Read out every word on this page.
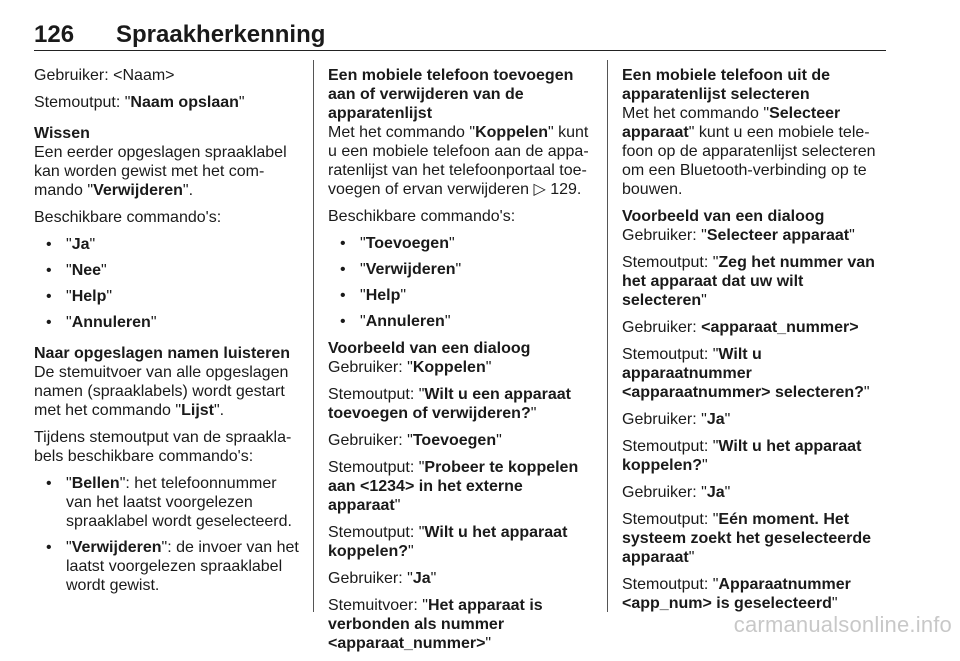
126 Spraakherkenning

Gebruiker: <Naam>

Stemoutput: "Naam opslaan"

Wissen

Een eerder opgeslagen spraaklabel kan worden gewist met het com-mando "Verwijderen".

Beschikbare commando's:

• "Ja"
• "Nee"
• "Help"
• "Annuleren"

Naar opgeslagen namen luisteren

De stemuitvoer van alle opgeslagen namen (spraaklabels) wordt gestart met het commando "Lijst".

Tijdens stemoutput van de spraakla-bels beschikbare commando's:

• "Bellen": het telefoonnummer van het laatst voorgelezen spraaklabel wordt geselecteerd.
• "Verwijderen": de invoer van het laatst voorgelezen spraaklabel wordt gewist.

Een mobiele telefoon toevoegen aan of verwijderen van de apparatenlijst

Met het commando "Koppelen" kunt u een mobiele telefoon aan de appa-ratenlijst van het telefoonportaal toe-voegen of ervan verwijderen ▷ 129.

Beschikbare commando's:

• "Toevoegen"
• "Verwijderen"
• "Help"
• "Annuleren"

Voorbeeld van een dialoog

Gebruiker: "Koppelen"

Stemoutput: "Wilt u een apparaat toevoegen of verwijderen?"

Gebruiker: "Toevoegen"

Stemoutput: "Probeer te koppelen aan <1234> in het externe apparaat"

Stemoutput: "Wilt u het apparaat koppelen?"

Gebruiker: "Ja"

Stemuitvoer: "Het apparaat is verbonden als nummer <apparaat_nummer>"

Een mobiele telefoon uit de apparatenlijst selecteren

Met het commando "Selecteer apparaat" kunt u een mobiele tele-foon op de apparatenlijst selecteren om een Bluetooth-verbinding op te bouwen.

Voorbeeld van een dialoog

Gebruiker: "Selecteer apparaat"

Stemoutput: "Zeg het nummer van het apparaat dat uw wilt selecteren"

Gebruiker: <apparaat_nummer>

Stemoutput: "Wilt u apparaatnummer <apparaatnummer> selecteren?"

Gebruiker: "Ja"

Stemoutput: "Wilt u het apparaat koppelen?"

Gebruiker: "Ja"

Stemoutput: "Eén moment. Het systeem zoekt het geselecteerde apparaat"

Stemoutput: "Apparaatnummer <app_num> is geselecteerd"

carmanualsonline.info
